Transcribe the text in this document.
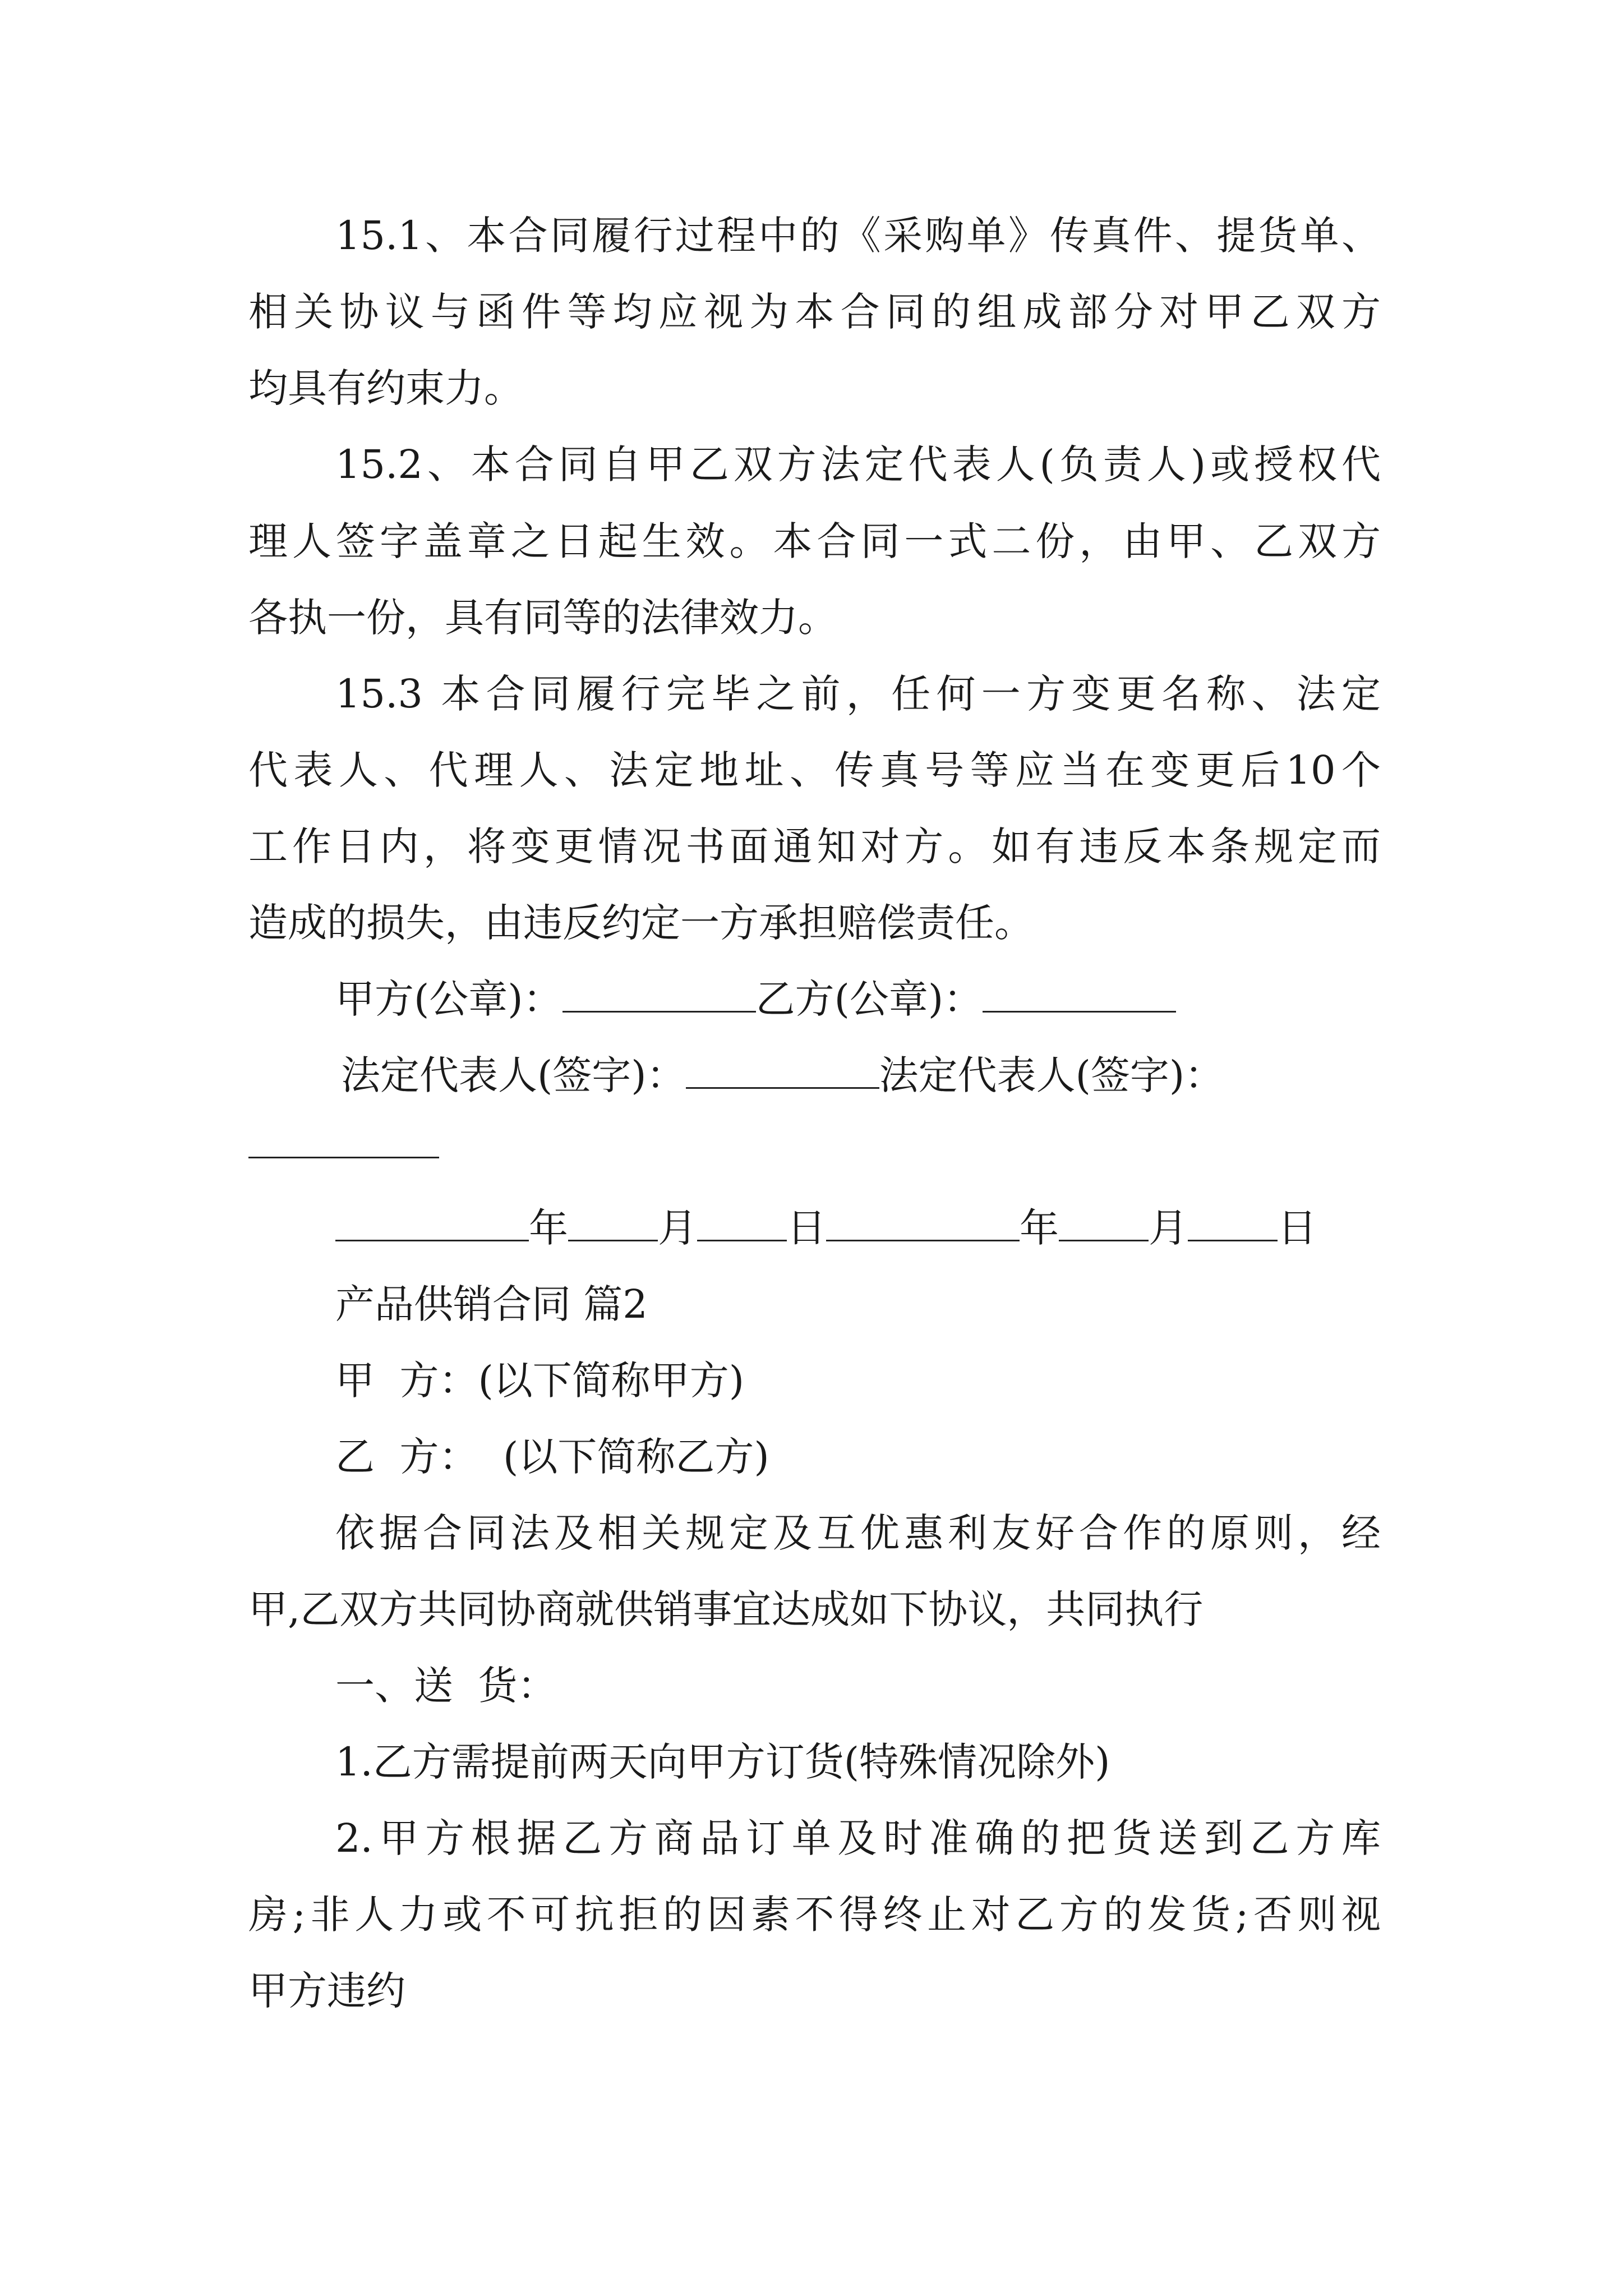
15.1、本合同履行过程中的《采购单》传真件、提货单、
相关协议与函件等均应视为本合同的组成部分对甲乙双方
均具有约束力。
15.2、本合同自甲乙双方法定代表人(负责人)或授权代
理人签字盖章之日起生效。本合同一式二份，由甲、乙双方
各执一份，具有同等的法律效力。
15.3 本合同履行完毕之前，任何一方变更名称、法定
代表人、代理人、法定地址、传真号等应当在变更后10个
工作日内，将变更情况书面通知对方。如有违反本条规定而
造成的损失，由违反约定一方承担赔偿责任。
甲方(公章)：	乙方(公章)：
法定代表人(签字)：	法定代表人(签字)：
年 月 日	年 月 日
产品供销合同 篇2
甲  方：(以下简称甲方)
乙  方：  (以下简称乙方)
依据合同法及相关规定及互优惠利友好合作的原则，经
甲,乙双方共同协商就供销事宜达成如下协议，共同执行
一、送  货：
1.乙方需提前两天向甲方订货(特殊情况除外)
2.甲方根据乙方商品订单及时准确的把货送到乙方库
房;非人力或不可抗拒的因素不得终止对乙方的发货;否则视
甲方违约
